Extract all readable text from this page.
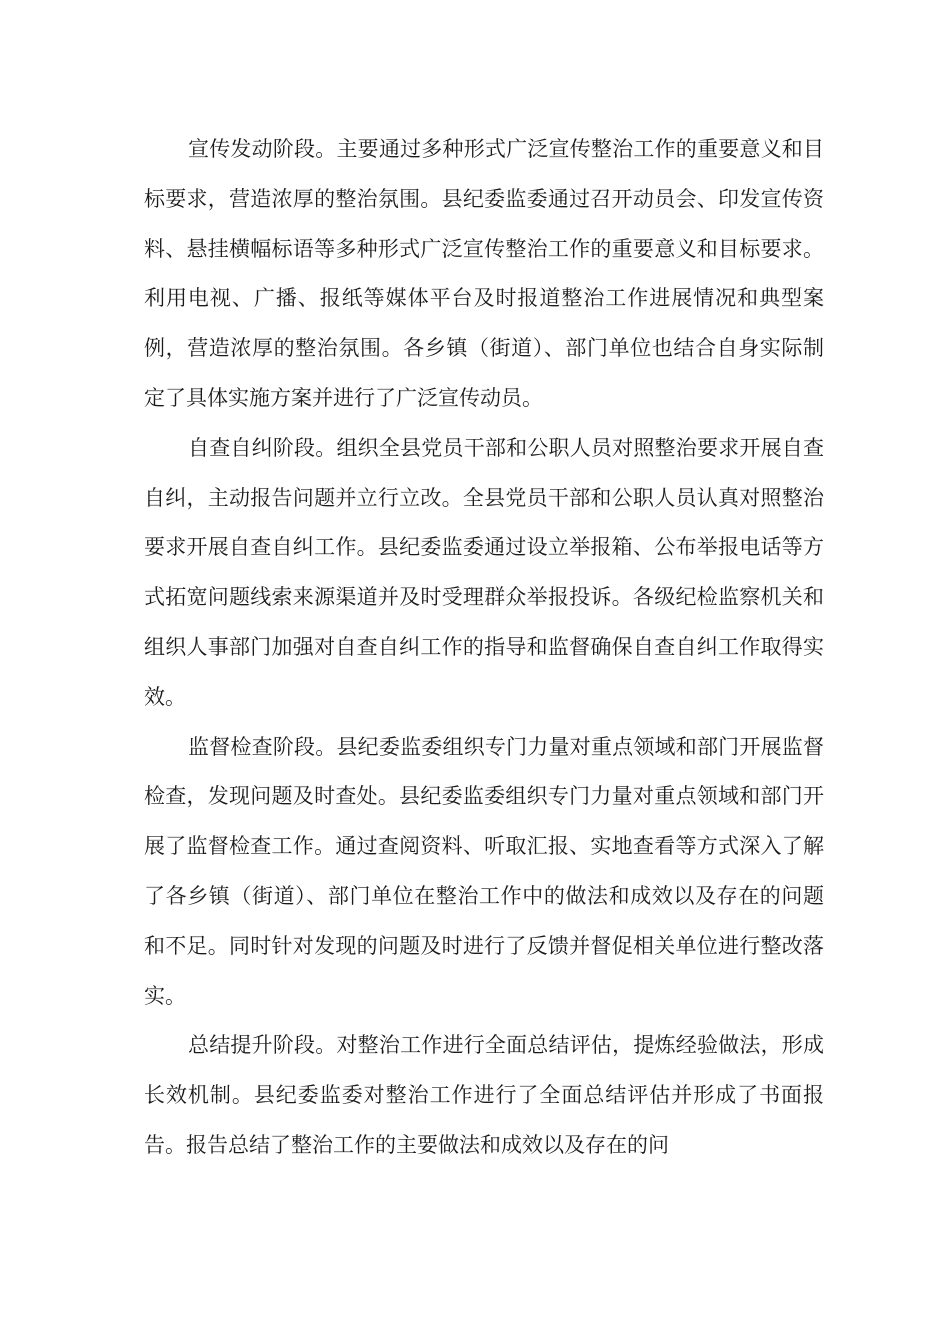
宣传发动阶段。主要通过多种形式广泛宣传整治工作的重要意义和目标要求，营造浓厚的整治氛围。县纪委监委通过召开动员会、印发宣传资料、悬挂横幅标语等多种形式广泛宣传整治工作的重要意义和目标要求。利用电视、广播、报纸等媒体平台及时报道整治工作进展情况和典型案例，营造浓厚的整治氛围。各乡镇（街道）、部门单位也结合自身实际制定了具体实施方案并进行了广泛宣传动员。

自查自纠阶段。组织全县党员干部和公职人员对照整治要求开展自查自纠，主动报告问题并立行立改。全县党员干部和公职人员认真对照整治要求开展自查自纠工作。县纪委监委通过设立举报箱、公布举报电话等方式拓宽问题线索来源渠道并及时受理群众举报投诉。各级纪检监察机关和组织人事部门加强对自查自纠工作的指导和监督确保自查自纠工作取得实效。

监督检查阶段。县纪委监委组织专门力量对重点领域和部门开展监督检查，发现问题及时查处。县纪委监委组织专门力量对重点领域和部门开展了监督检查工作。通过查阅资料、听取汇报、实地查看等方式深入了解了各乡镇（街道）、部门单位在整治工作中的做法和成效以及存在的问题和不足。同时针对发现的问题及时进行了反馈并督促相关单位进行整改落实。

总结提升阶段。对整治工作进行全面总结评估，提炼经验做法，形成长效机制。县纪委监委对整治工作进行了全面总结评估并形成了书面报告。报告总结了整治工作的主要做法和成效以及存在的问
